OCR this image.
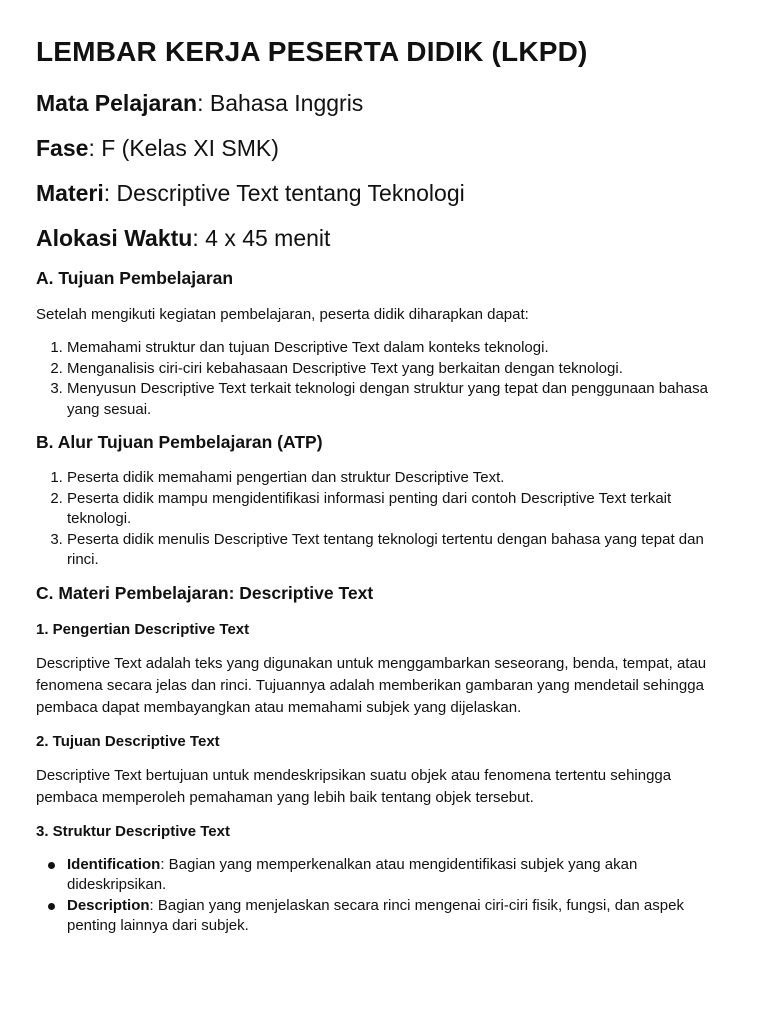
LEMBAR KERJA PESERTA DIDIK (LKPD)
Mata Pelajaran: Bahasa Inggris
Fase: F (Kelas XI SMK)
Materi: Descriptive Text tentang Teknologi
Alokasi Waktu: 4 x 45 menit
A. Tujuan Pembelajaran

Setelah mengikuti kegiatan pembelajaran, peserta didik diharapkan dapat:

1. Memahami struktur dan tujuan Descriptive Text dalam konteks teknologi.
2. Menganalisis ciri-ciri kebahasaan Descriptive Text yang berkaitan dengan teknologi.
3. Menyusun Descriptive Text terkait teknologi dengan struktur yang tepat dan penggunaan bahasa yang sesuai.
B. Alur Tujuan Pembelajaran (ATP)
1. Peserta didik memahami pengertian dan struktur Descriptive Text.
2. Peserta didik mampu mengidentifikasi informasi penting dari contoh Descriptive Text terkait teknologi.
3. Peserta didik menulis Descriptive Text tentang teknologi tertentu dengan bahasa yang tepat dan rinci.
C. Materi Pembelajaran: Descriptive Text
1. Pengertian Descriptive Text

Descriptive Text adalah teks yang digunakan untuk menggambarkan seseorang, benda, tempat, atau fenomena secara jelas dan rinci. Tujuannya adalah memberikan gambaran yang mendetail sehingga pembaca dapat membayangkan atau memahami subjek yang dijelaskan.

2. Tujuan Descriptive Text

Descriptive Text bertujuan untuk mendeskripsikan suatu objek atau fenomena tertentu sehingga pembaca memperoleh pemahaman yang lebih baik tentang objek tersebut.

3. Struktur Descriptive Text
Identification: Bagian yang memperkenalkan atau mengidentifikasi subjek yang akan dideskripsikan.
Description: Bagian yang menjelaskan secara rinci mengenai ciri-ciri fisik, fungsi, dan aspek penting lainnya dari subjek.
